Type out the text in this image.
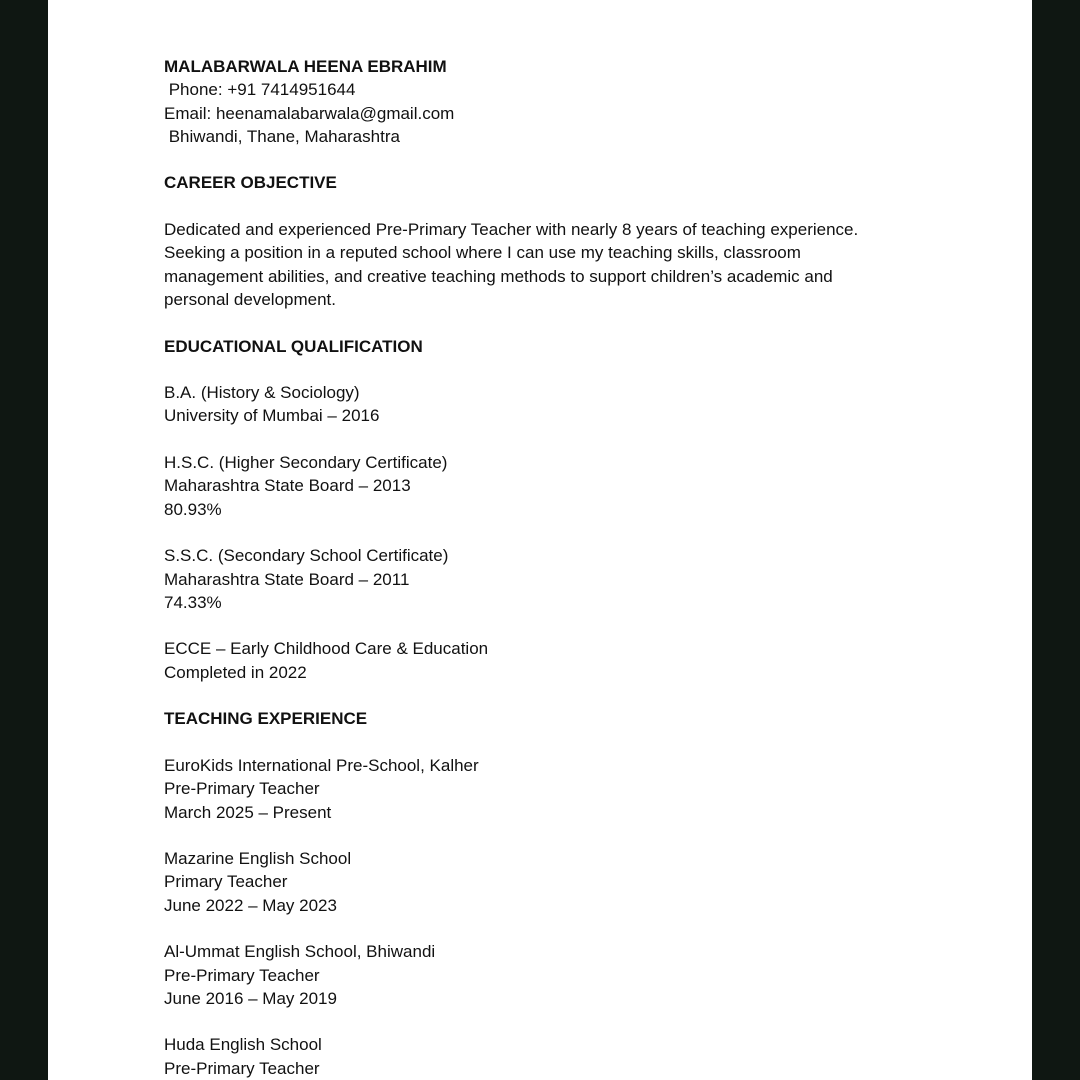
MALABARWALA HEENA EBRAHIM
Phone: +91 7414951644
Email: heenamalabarwala@gmail.com
Bhiwandi, Thane, Maharashtra
CAREER OBJECTIVE
Dedicated and experienced Pre-Primary Teacher with nearly 8 years of teaching experience.
Seeking a position in a reputed school where I can use my teaching skills, classroom
management abilities, and creative teaching methods to support children’s academic and
personal development.
EDUCATIONAL QUALIFICATION
B.A. (History & Sociology)
University of Mumbai – 2016
H.S.C. (Higher Secondary Certificate)
Maharashtra State Board – 2013
80.93%
S.S.C. (Secondary School Certificate)
Maharashtra State Board – 2011
74.33%
ECCE – Early Childhood Care & Education
Completed in 2022
TEACHING EXPERIENCE
EuroKids International Pre-School, Kalher
Pre-Primary Teacher
March 2025 – Present
Mazarine English School
Primary Teacher
June 2022 – May 2023
Al-Ummat English School, Bhiwandi
Pre-Primary Teacher
June 2016 – May 2019
Huda English School
Pre-Primary Teacher
